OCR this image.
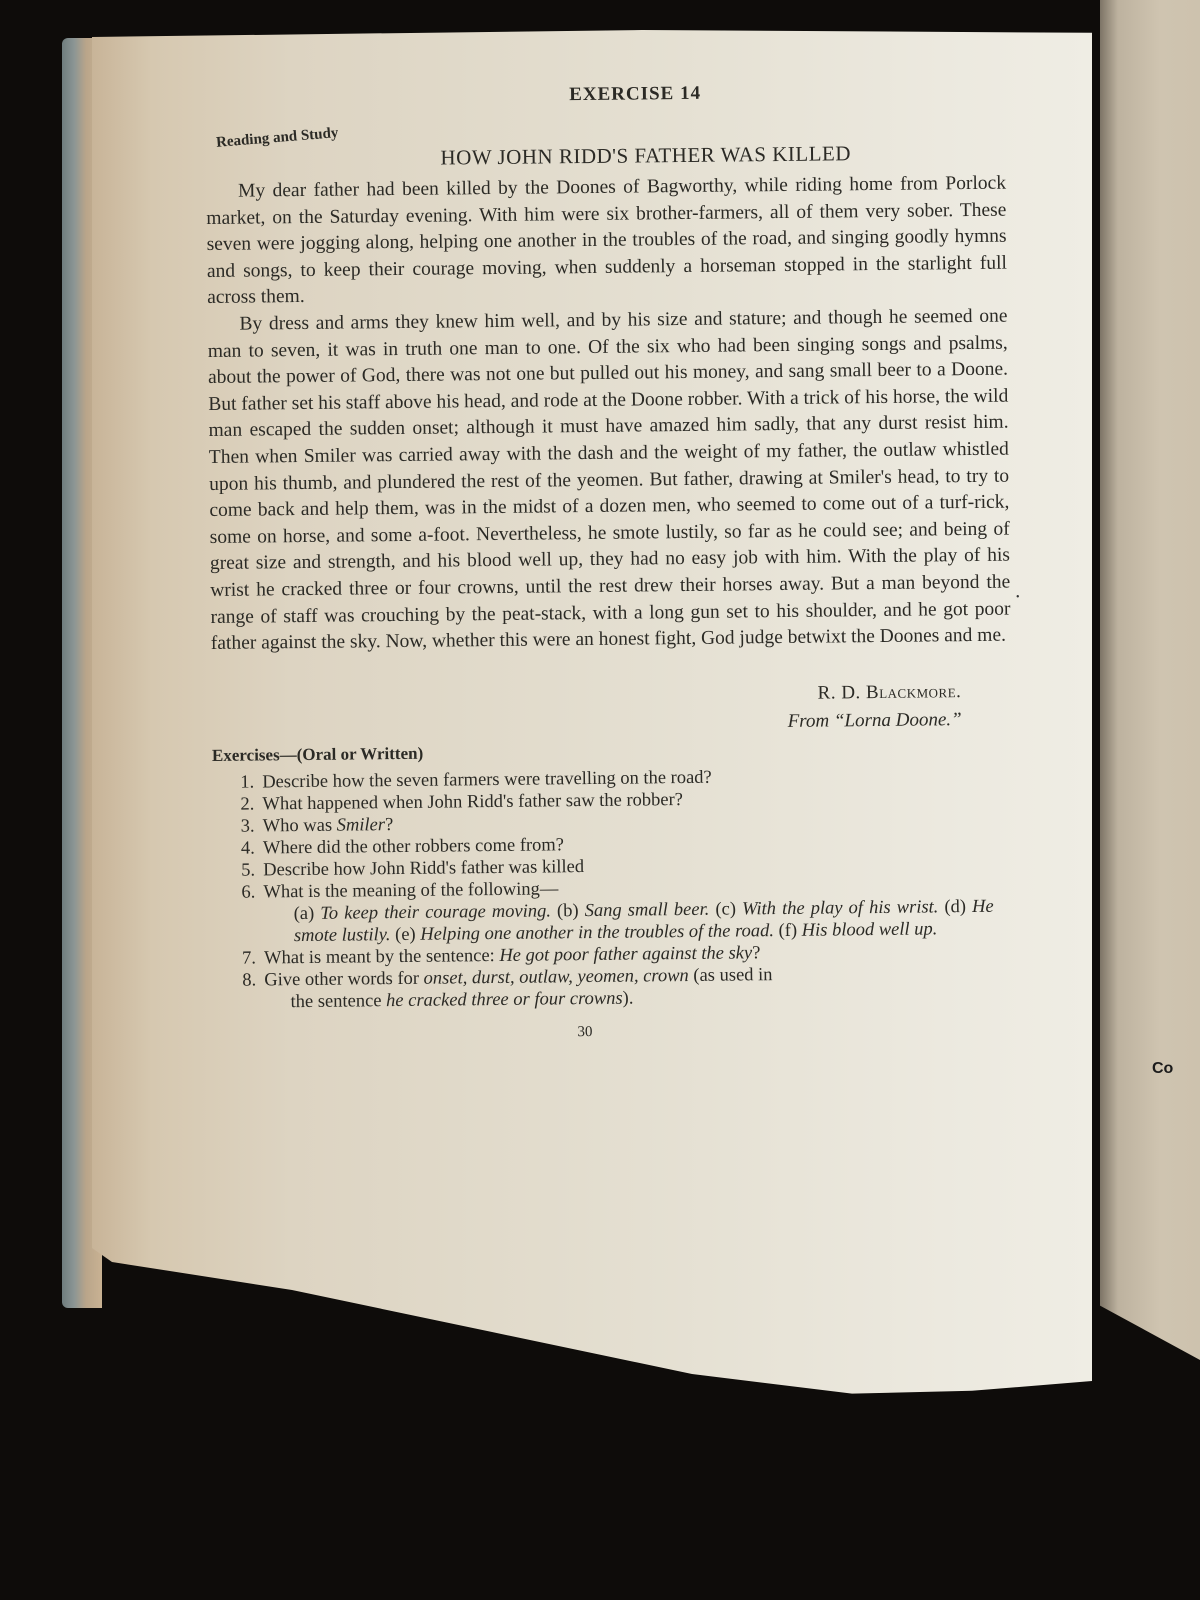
Co
•
EXERCISE 14
Reading and Study
HOW JOHN RIDD'S FATHER WAS KILLED

My dear father had been killed by the Doones of Bagworthy, while riding home from Porlock market, on the Saturday evening. With him were six brother-farmers, all of them very sober. These seven were jogging along, helping one another in the troubles of the road, and singing goodly hymns and songs, to keep their courage moving, when suddenly a horseman stopped in the starlight full across them.

By dress and arms they knew him well, and by his size and stature; and though he seemed one man to seven, it was in truth one man to one. Of the six who had been singing songs and psalms, about the power of God, there was not one but pulled out his money, and sang small beer to a Doone. But father set his staff above his head, and rode at the Doone robber. With a trick of his horse, the wild man escaped the sudden onset; although it must have amazed him sadly, that any durst resist him. Then when Smiler was carried away with the dash and the weight of my father, the outlaw whistled upon his thumb, and plundered the rest of the yeomen. But father, drawing at Smiler's head, to try to come back and help them, was in the midst of a dozen men, who seemed to come out of a turf-rick, some on horse, and some a-foot. Nevertheless, he smote lustily, so far as he could see; and being of great size and strength, and his blood well up, they had no easy job with him. With the play of his wrist he cracked three or four crowns, until the rest drew their horses away. But a man beyond the range of staff was crouching by the peat-stack, with a long gun set to his shoulder, and he got poor father against the sky. Now, whether this were an honest fight, God judge betwixt the Doones and me.

R. D. Blackmore.
From “Lorna Doone.”
Exercises—(Oral or Written)
1. Describe how the seven farmers were travelling on the road?
2. What happened when John Ridd's father saw the robber?
3. Who was Smiler?
4. Where did the other robbers come from?
5. Describe how John Ridd's father was killed
6. What is the meaning of the following—
(a) To keep their courage moving. (b) Sang small beer. (c) With the play of his wrist. (d) He smote lustily. (e) Helping one another in the troubles of the road. (f) His blood well up.
7. What is meant by the sentence: He got poor father against the sky?
8. Give other words for onset, durst, outlaw, yeomen, crown (as used in
the sentence he cracked three or four crowns).
30
